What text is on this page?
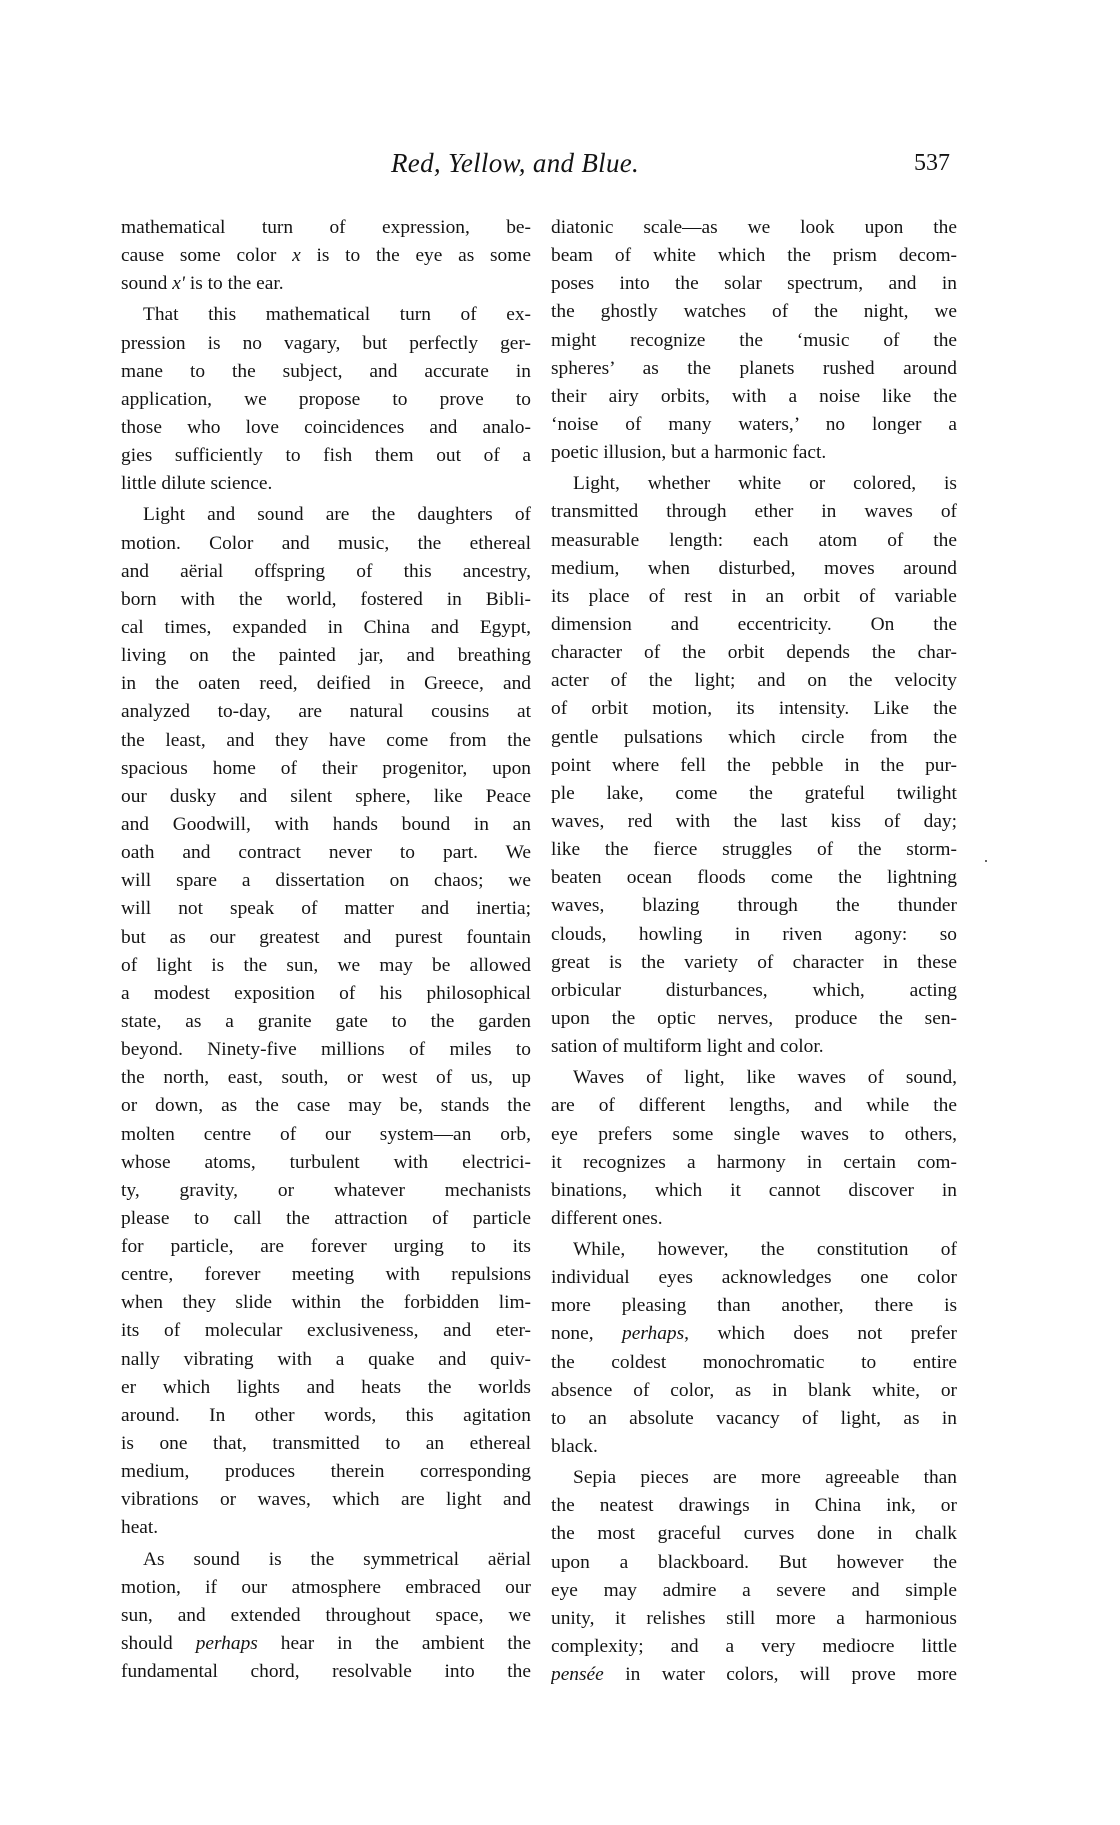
Red, Yellow, and Blue.	537
mathematical turn of expression, be-
cause some color x is to the eye as some
sound x' is to the ear.
That this mathematical turn of ex-
pression is no vagary, but perfectly ger-
mane to the subject, and accurate in
application, we propose to prove to
those who love coincidences and analo-
gies sufficiently to fish them out of a
little dilute science.
Light and sound are the daughters of
motion. Color and music, the ethereal
and aërial offspring of this ancestry,
born with the world, fostered in Bibli-
cal times, expanded in China and Egypt,
living on the painted jar, and breathing
in the oaten reed, deified in Greece, and
analyzed to-day, are natural cousins at
the least, and they have come from the
spacious home of their progenitor, upon
our dusky and silent sphere, like Peace
and Goodwill, with hands bound in an
oath and contract never to part. We
will spare a dissertation on chaos; we
will not speak of matter and inertia;
but as our greatest and purest fountain
of light is the sun, we may be allowed
a modest exposition of his philosophical
state, as a granite gate to the garden
beyond. Ninety-five millions of miles to
the north, east, south, or west of us, up
or down, as the case may be, stands the
molten centre of our system—an orb,
whose atoms, turbulent with electrici-
ty, gravity, or whatever mechanists
please to call the attraction of particle
for particle, are forever urging to its
centre, forever meeting with repulsions
when they slide within the forbidden lim-
its of molecular exclusiveness, and eter-
nally vibrating with a quake and quiv-
er which lights and heats the worlds
around. In other words, this agitation
is one that, transmitted to an ethereal
medium, produces therein corresponding
vibrations or waves, which are light and
heat.
As sound is the symmetrical aërial
motion, if our atmosphere embraced our
sun, and extended throughout space, we
should perhaps hear in the ambient the
fundamental chord, resolvable into the
diatonic scale—as we look upon the
beam of white which the prism decom-
poses into the solar spectrum, and in
the ghostly watches of the night, we
might recognize the ‘music of the
spheres’ as the planets rushed around
their airy orbits, with a noise like the
‘noise of many waters,’ no longer a
poetic illusion, but a harmonic fact.
Light, whether white or colored, is
transmitted through ether in waves of
measurable length: each atom of the
medium, when disturbed, moves around
its place of rest in an orbit of variable
dimension and eccentricity. On the
character of the orbit depends the char-
acter of the light; and on the velocity
of orbit motion, its intensity. Like the
gentle pulsations which circle from the
point where fell the pebble in the pur-
ple lake, come the grateful twilight
waves, red with the last kiss of day;
like the fierce struggles of the storm-
beaten ocean floods come the lightning
waves, blazing through the thunder
clouds, howling in riven agony: so
great is the variety of character in these
orbicular disturbances, which, acting
upon the optic nerves, produce the sen-
sation of multiform light and color.
Waves of light, like waves of sound,
are of different lengths, and while the
eye prefers some single waves to others,
it recognizes a harmony in certain com-
binations, which it cannot discover in
different ones.
While, however, the constitution of
individual eyes acknowledges one color
more pleasing than another, there is
none, perhaps, which does not prefer
the coldest monochromatic to entire
absence of color, as in blank white, or
to an absolute vacancy of light, as in
black.
Sepia pieces are more agreeable than
the neatest drawings in China ink, or
the most graceful curves done in chalk
upon a blackboard. But however the
eye may admire a severe and simple
unity, it relishes still more a harmonious
complexity; and a very mediocre little
pensée in water colors, will prove more
